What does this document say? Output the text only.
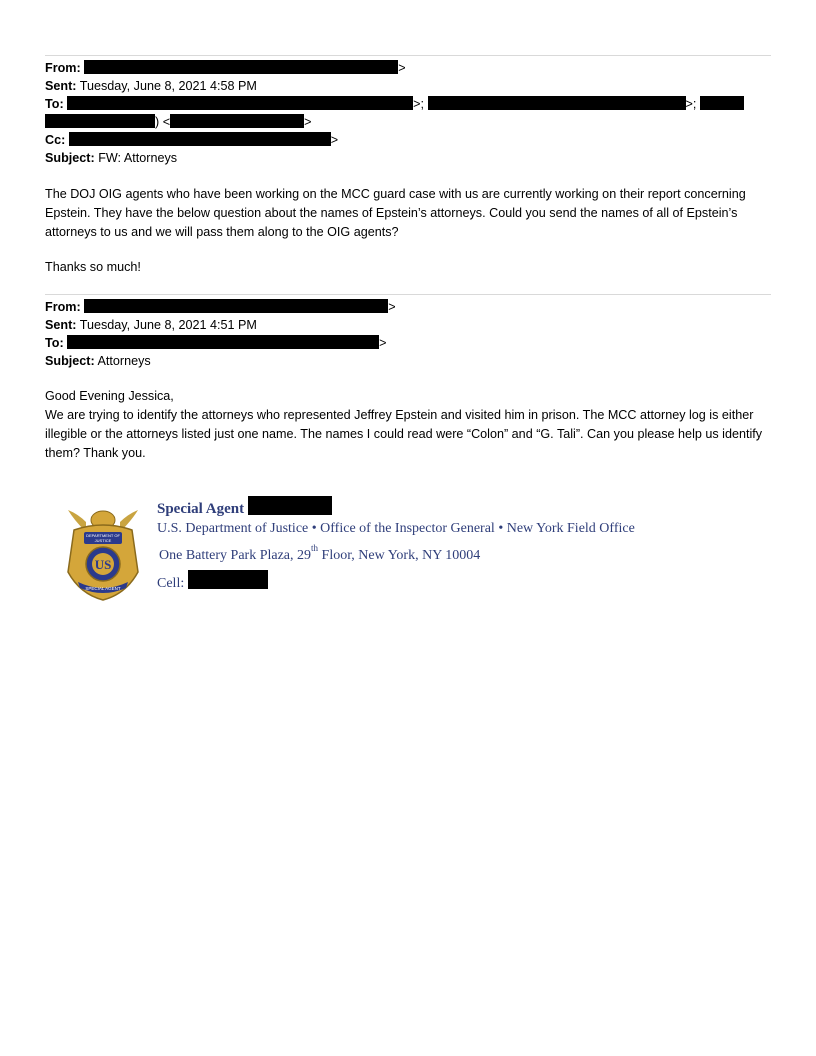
From:	>
Sent: Tuesday, June 8, 2021 4:58 PM
To:	>;	>;
) <	>
Cc:	>
Subject: FW: Attorneys

The DOJ OIG agents who have been working on the MCC guard case with us are currently working on their report concerning Epstein. They have the below question about the names of Epstein’s attorneys. Could you send the names of all of Epstein’s attorneys to us and we will pass them along to the OIG agents?

Thanks so much!

From:	>
Sent: Tuesday, June 8, 2021 4:51 PM
To:	>
Subject: Attorneys

Good Evening Jessica,

We are trying to identify the attorneys who represented Jeffrey Epstein and visited him in prison. The MCC attorney log is either illegible or the attorneys listed just one name. The names I could read were “Colon” and “G. Tali”. Can you please help us identify them? Thank you.

DEPARTMENT OF
JUSTICE
US
SPECIAL AGENT
Special Agent
U.S. Department of Justice • Office of the Inspector General • New York Field Office
One Battery Park Plaza, 29th Floor, New York, NY 10004
Cell:
